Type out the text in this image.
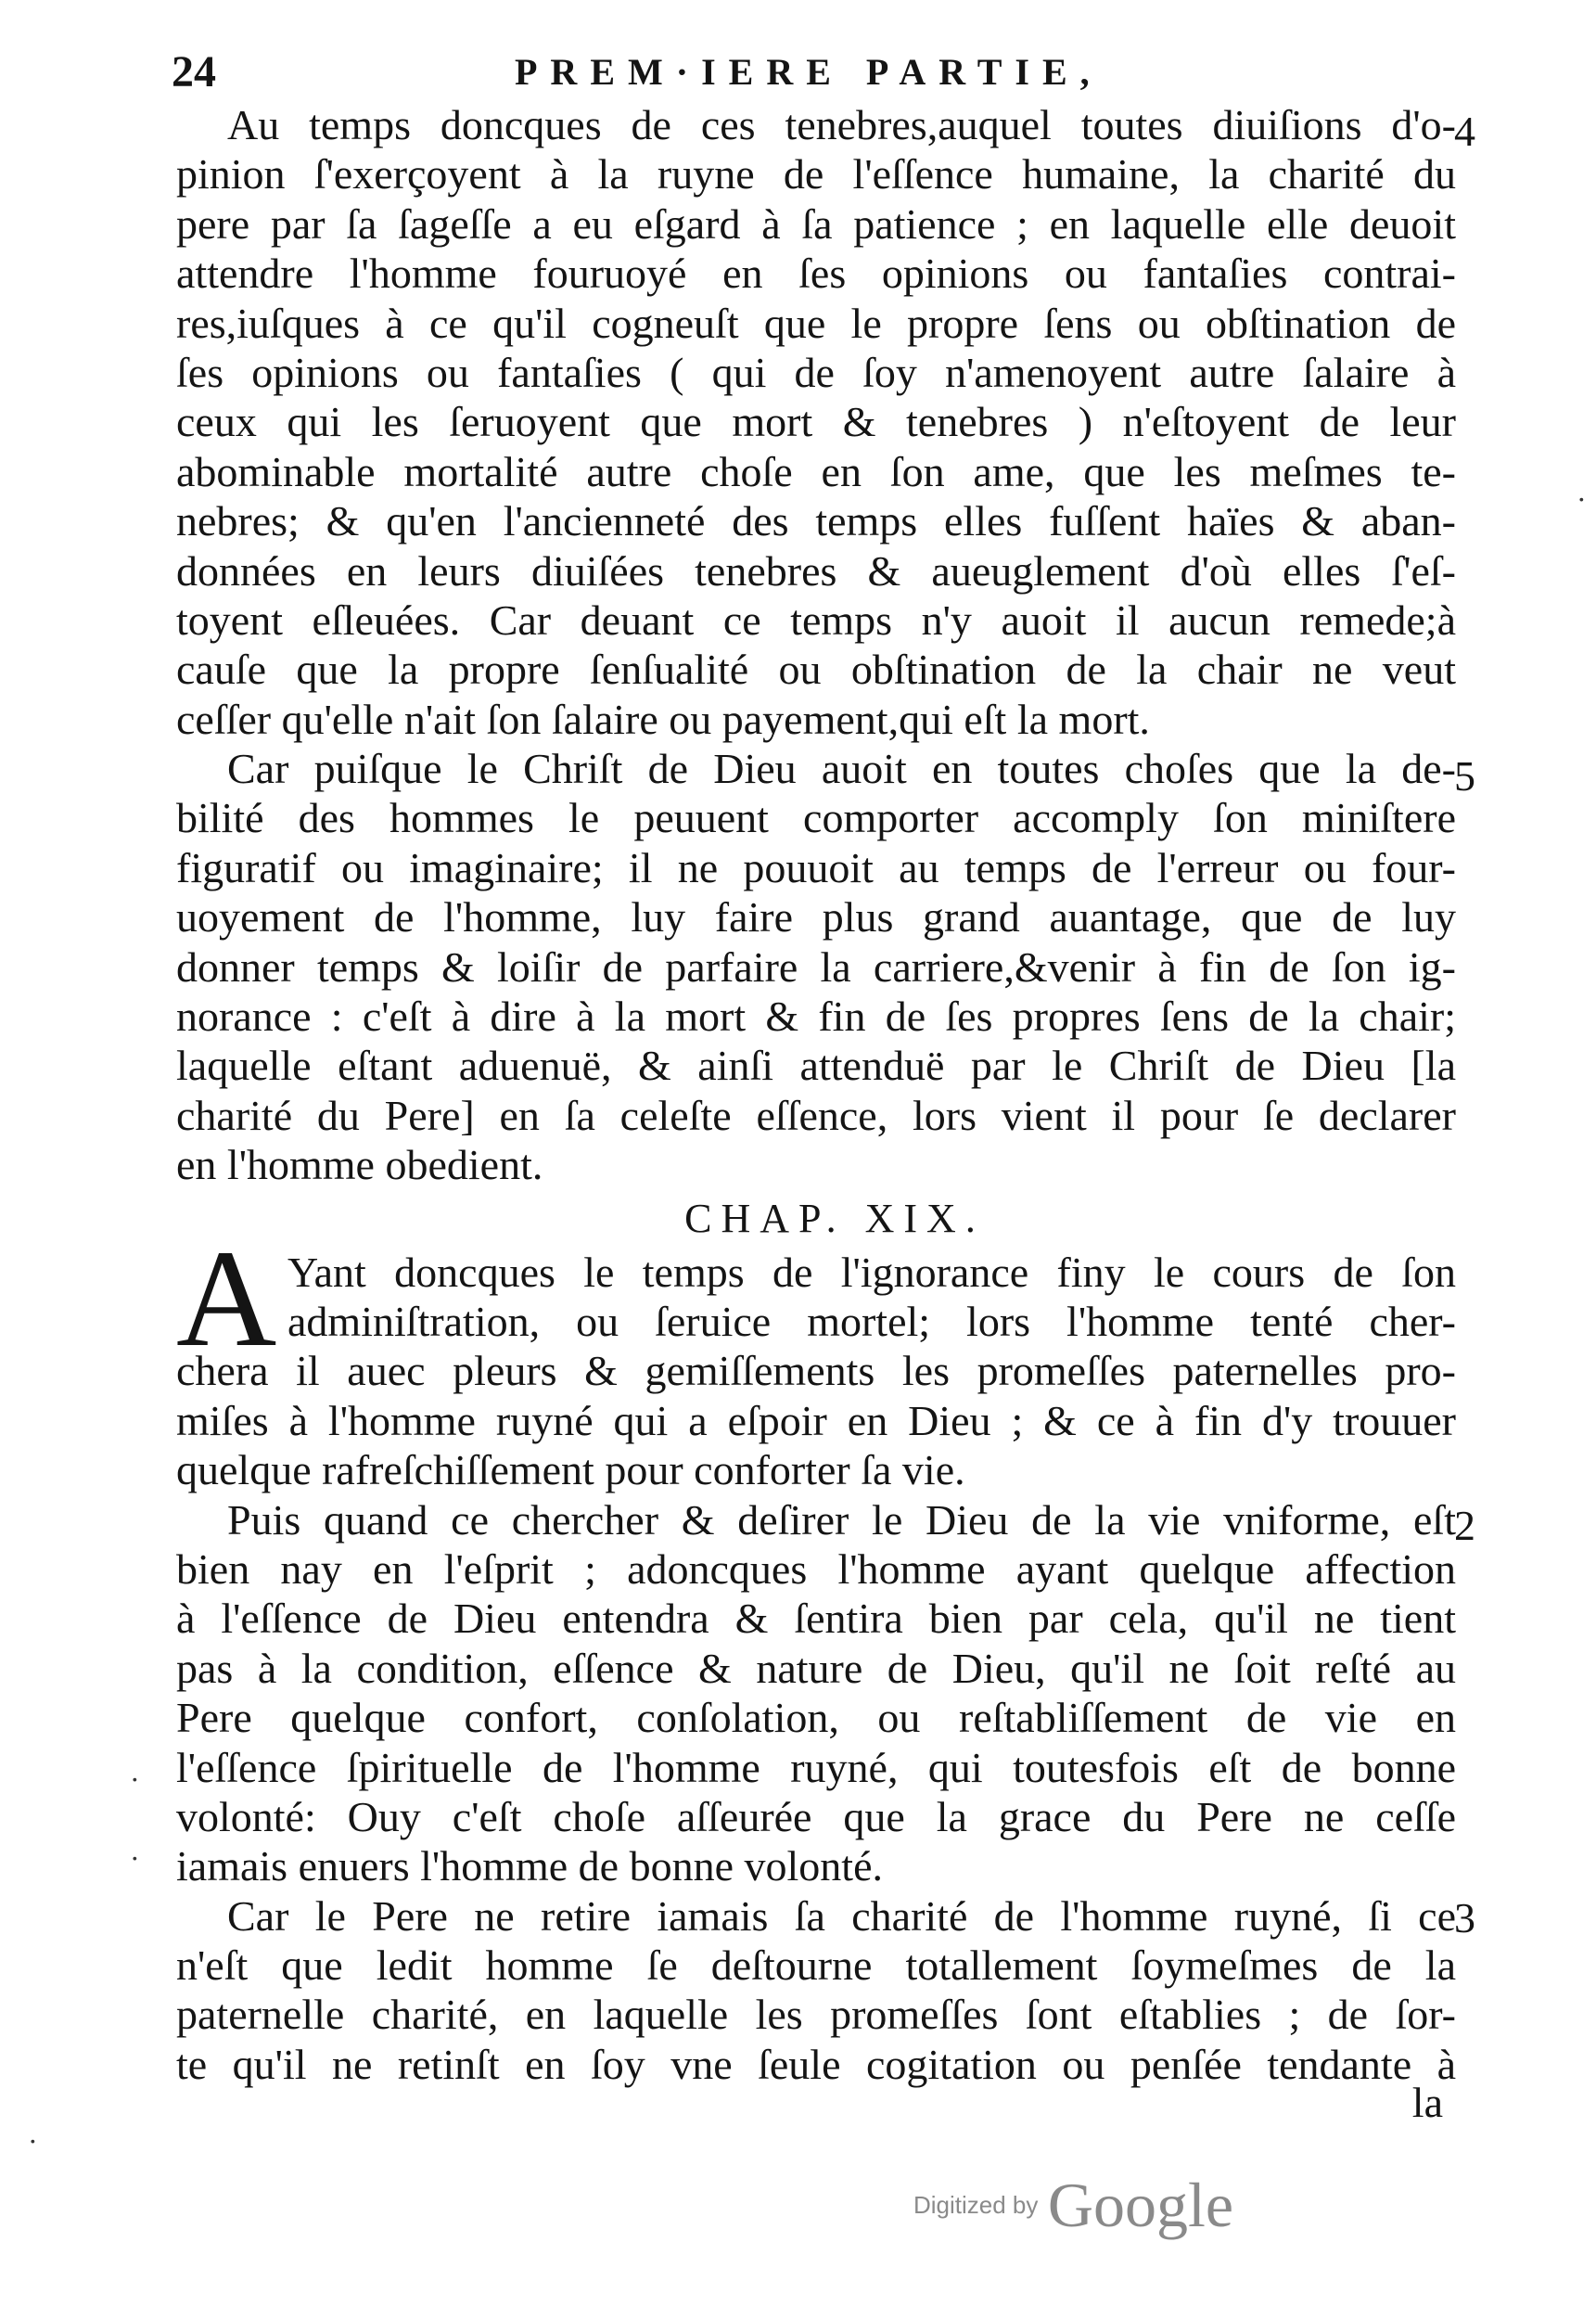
24	PREM·IERE PARTIE,
Au temps doncques de ces tenebres,auquel toutes diuiſions d'o-
pinion ſ'exerçoyent à la ruyne de l'eſſence humaine, la charité du
pere par ſa ſageſſe a eu eſgard à ſa patience ; en laquelle elle deuoit
attendre l'homme fouruoyé en ſes opinions ou fantaſies contrai-
res,iuſques à ce qu'il cogneuſt que le propre ſens ou obſtination de
ſes opinions ou fantaſies ( qui de ſoy n'amenoyent autre ſalaire à
ceux qui les ſeruoyent que mort & tenebres ) n'eſtoyent de leur
abominable mortalité autre choſe en ſon ame, que les meſmes te-
nebres; & qu'en l'ancienneté des temps elles fuſſent haïes & aban-
données en leurs diuiſées tenebres & aueuglement d'où elles ſ'eſ-
toyent eſleuées. Car deuant ce temps n'y auoit il aucun remede;à
cauſe que la propre ſenſualité ou obſtination de la chair ne veut
ceſſer qu'elle n'ait ſon ſalaire ou payement,qui eſt la mort.
Car puiſque le Chriſt de Dieu auoit en toutes choſes que la de-
bilité des hommes le peuuent comporter accomply ſon miniſtere
figuratif ou imaginaire; il ne pouuoit au temps de l'erreur ou four-
uoyement de l'homme, luy faire plus grand auantage, que de luy
donner temps & loiſir de parfaire la carriere,&venir à fin de ſon ig-
norance : c'eſt à dire à la mort & fin de ſes propres ſens de la chair;
laquelle eſtant aduenuë, & ainſi attenduë par le Chriſt de Dieu [la
charité du Pere] en ſa celeſte eſſence, lors vient il pour ſe declarer
en l'homme obedient.
CHAP. XIX.
Yant doncques le temps de l'ignorance finy le cours de ſon
adminiſtration, ou ſeruice mortel; lors l'homme tenté cher-
chera il auec pleurs & gemiſſements les promeſſes paternelles pro-
miſes à l'homme ruyné qui a eſpoir en Dieu ; & ce à fin d'y trouuer
quelque rafreſchiſſement pour conforter ſa vie.
Puis quand ce chercher & deſirer le Dieu de la vie vniforme, eſt
bien nay en l'eſprit ; adoncques l'homme ayant quelque affection
à l'eſſence de Dieu entendra & ſentira bien par cela, qu'il ne tient
pas à la condition, eſſence & nature de Dieu, qu'il ne ſoit reſté au
Pere quelque confort, conſolation, ou reſtabliſſement de vie en
l'eſſence ſpirituelle de l'homme ruyné, qui toutesfois eſt de bonne
volonté: Ouy c'eſt choſe aſſeurée que la grace du Pere ne ceſſe
iamais enuers l'homme de bonne volonté.
Car le Pere ne retire iamais ſa charité de l'homme ruyné, ſi ce
n'eſt que ledit homme ſe deſtourne totallement ſoymeſmes de la
paternelle charité, en laquelle les promeſſes ſont eſtablies ; de ſor-
te qu'il ne retinſt en ſoy vne ſeule cogitation ou penſée tendante à
A
4
5
2
3
la
·
·
·
·
Digitized by Google
